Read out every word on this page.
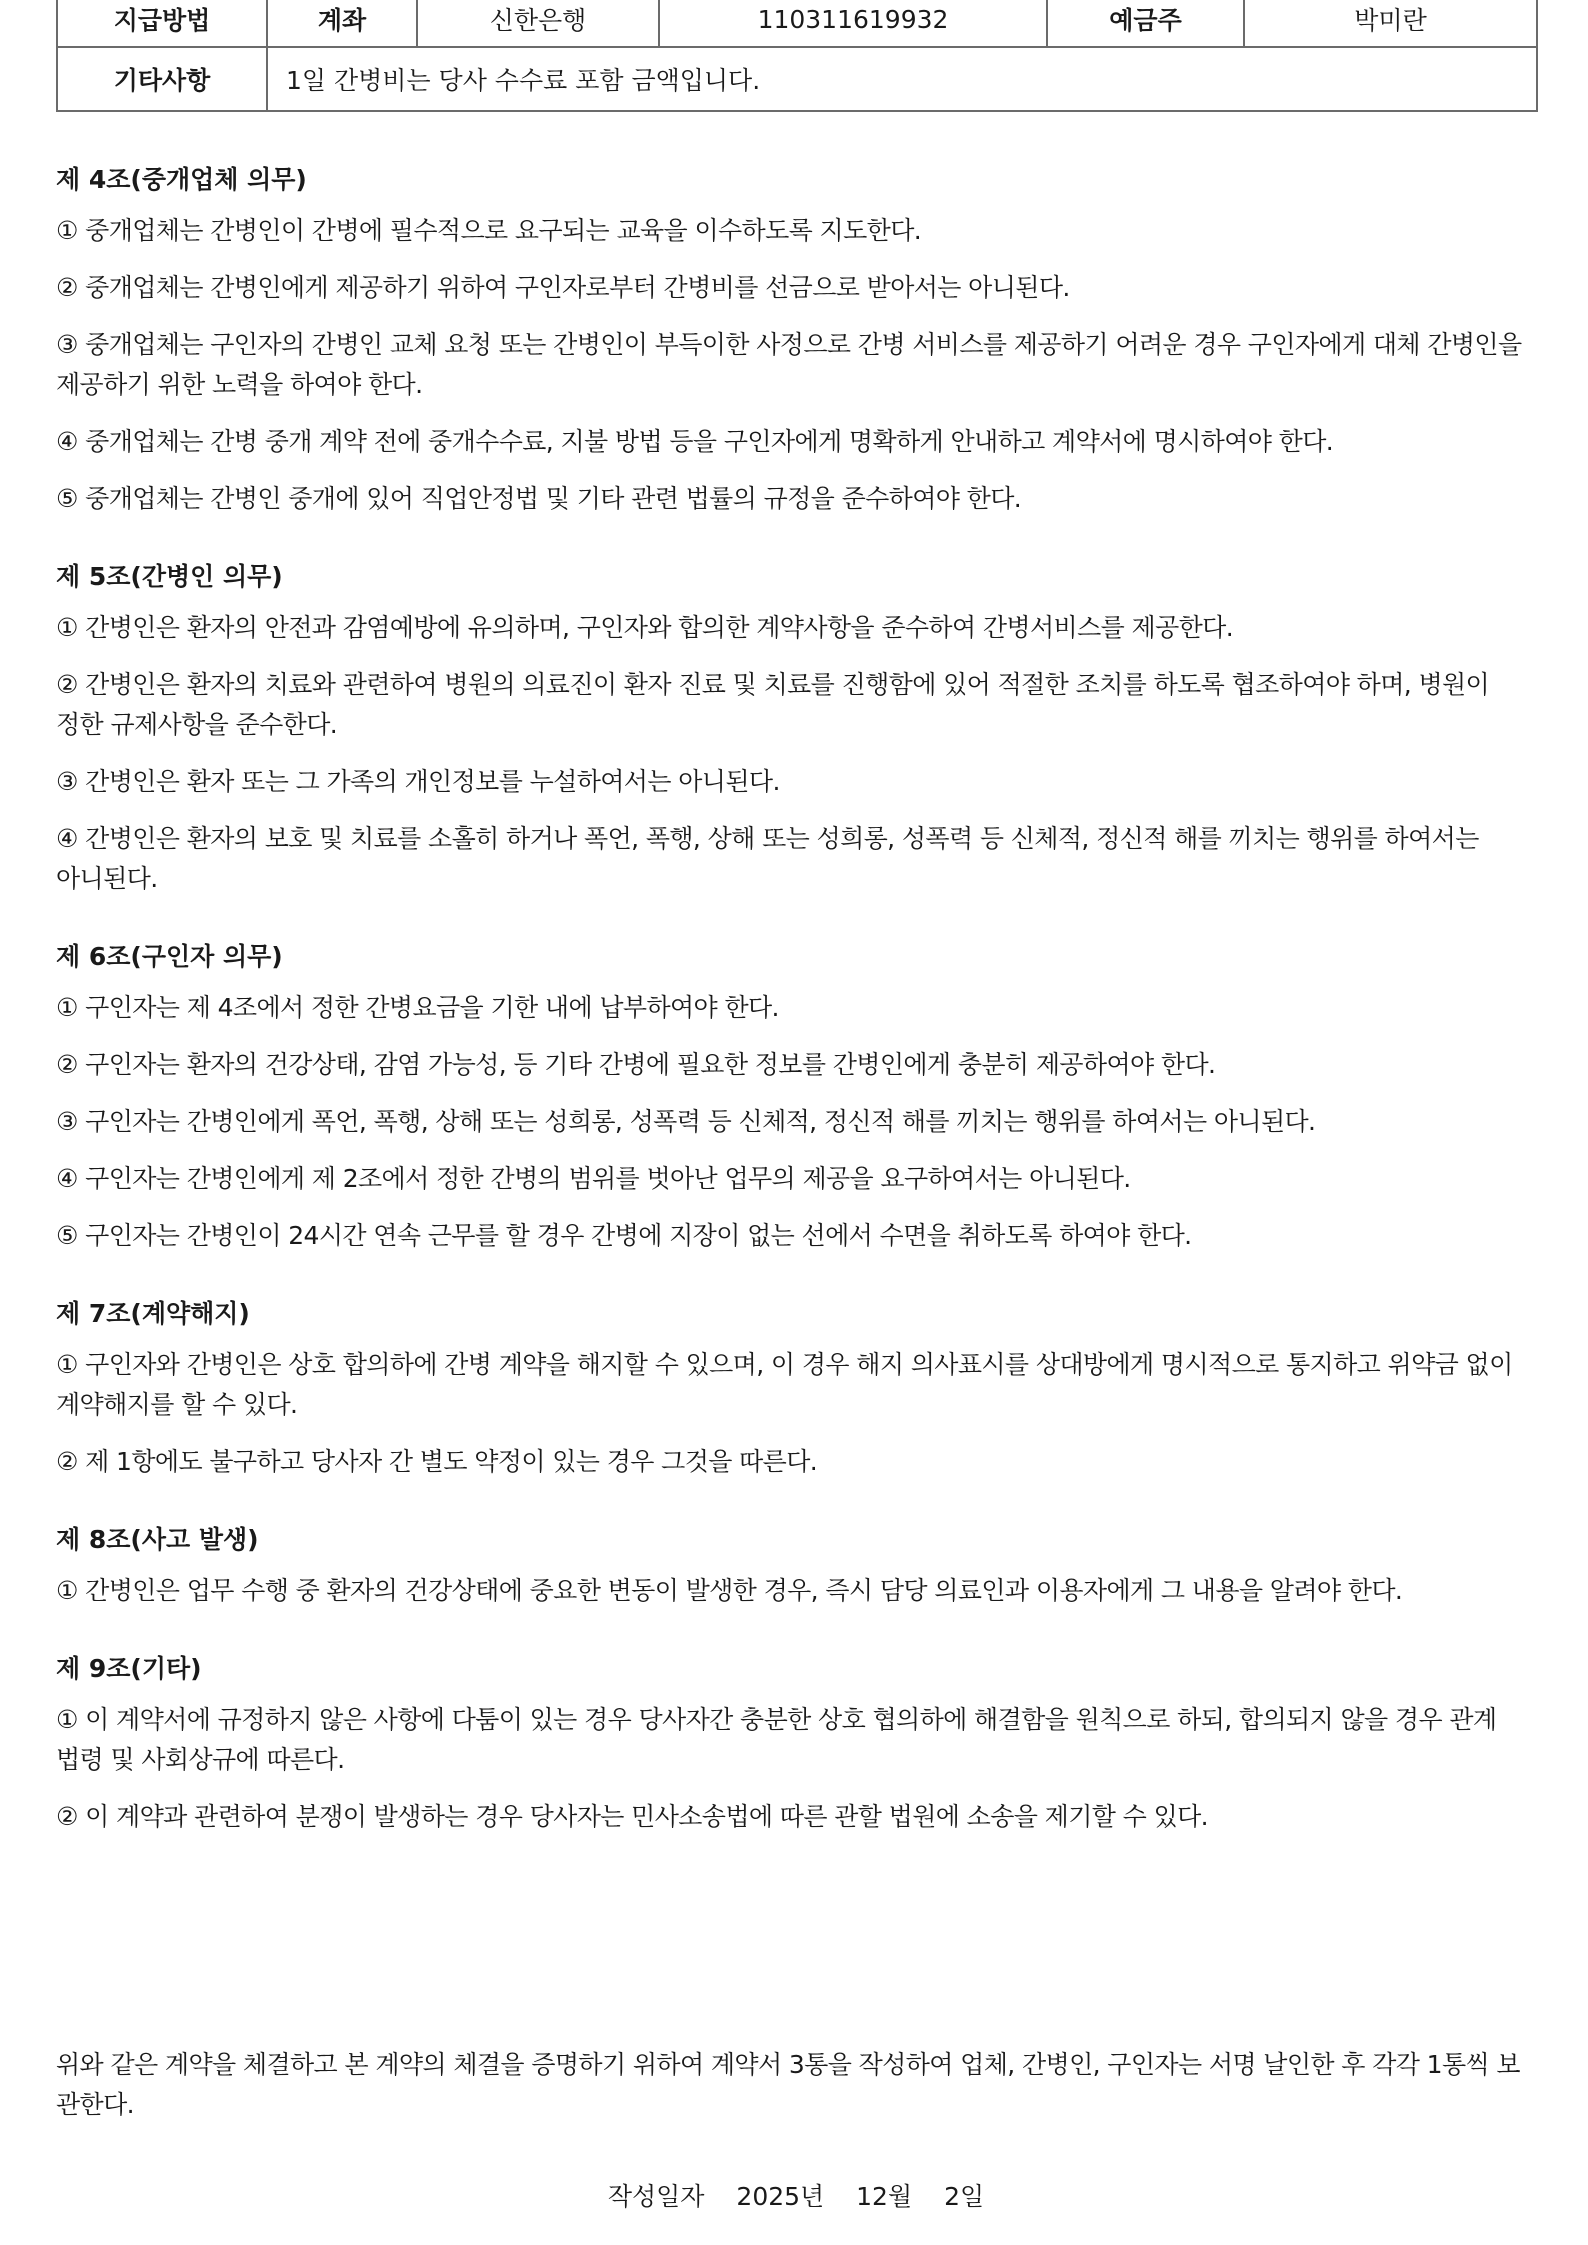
지급방법	계좌	신한은행	110311619932	예금주	박미란
기타사항	1일 간병비는 당사 수수료 포함 금액입니다.				

제 4조(중개업체 의무)

① 중개업체는 간병인이 간병에 필수적으로 요구되는 교육을 이수하도록 지도한다.

② 중개업체는 간병인에게 제공하기 위하여 구인자로부터 간병비를 선금으로 받아서는 아니된다.

③ 중개업체는 구인자의 간병인 교체 요청 또는 간병인이 부득이한 사정으로 간병 서비스를 제공하기 어려운 경우 구인자에게 대체 간병인을 제공하기 위한 노력을 하여야 한다.

④ 중개업체는 간병 중개 계약 전에 중개수수료, 지불 방법 등을 구인자에게 명확하게 안내하고 계약서에 명시하여야 한다.

⑤ 중개업체는 간병인 중개에 있어 직업안정법 및 기타 관련 법률의 규정을 준수하여야 한다.

제 5조(간병인 의무)

① 간병인은 환자의 안전과 감염예방에 유의하며, 구인자와 합의한 계약사항을 준수하여 간병서비스를 제공한다.

② 간병인은 환자의 치료와 관련하여 병원의 의료진이 환자 진료 및 치료를 진행함에 있어 적절한 조치를 하도록 협조하여야 하며, 병원이 정한 규제사항을 준수한다.

③ 간병인은 환자 또는 그 가족의 개인정보를 누설하여서는 아니된다.

④ 간병인은 환자의 보호 및 치료를 소홀히 하거나 폭언, 폭행, 상해 또는 성희롱, 성폭력 등 신체적, 정신적 해를 끼치는 행위를 하여서는 아니된다.

제 6조(구인자 의무)

① 구인자는 제 4조에서 정한 간병요금을 기한 내에 납부하여야 한다.

② 구인자는 환자의 건강상태, 감염 가능성, 등 기타 간병에 필요한 정보를 간병인에게 충분히 제공하여야 한다.

③ 구인자는 간병인에게 폭언, 폭행, 상해 또는 성희롱, 성폭력 등 신체적, 정신적 해를 끼치는 행위를 하여서는 아니된다.

④ 구인자는 간병인에게 제 2조에서 정한 간병의 범위를 벗아난 업무의 제공을 요구하여서는 아니된다.

⑤ 구인자는 간병인이 24시간 연속 근무를 할 경우 간병에 지장이 없는 선에서 수면을 취하도록 하여야 한다.

제 7조(계약해지)

① 구인자와 간병인은 상호 합의하에 간병 계약을 해지할 수 있으며, 이 경우 해지 의사표시를 상대방에게 명시적으로 통지하고 위약금 없이 계약해지를 할 수 있다.

② 제 1항에도 불구하고 당사자 간 별도 약정이 있는 경우 그것을 따른다.

제 8조(사고 발생)

① 간병인은 업무 수행 중 환자의 건강상태에 중요한 변동이 발생한 경우, 즉시 담당 의료인과 이용자에게 그 내용을 알려야 한다.

제 9조(기타)

① 이 계약서에 규정하지 않은 사항에 다툼이 있는 경우 당사자간 충분한 상호 협의하에 해결함을 원칙으로 하되, 합의되지 않을 경우 관계 법령 및 사회상규에 따른다.

② 이 계약과 관련하여 분쟁이 발생하는 경우 당사자는 민사소송법에 따른 관할 법원에 소송을 제기할 수 있다.

위와 같은 계약을 체결하고 본 계약의 체결을 증명하기 위하여 계약서 3통을 작성하여 업체, 간병인, 구인자는 서명 날인한 후 각각 1통씩 보관한다.

작성일자 2025년 12월 2일
